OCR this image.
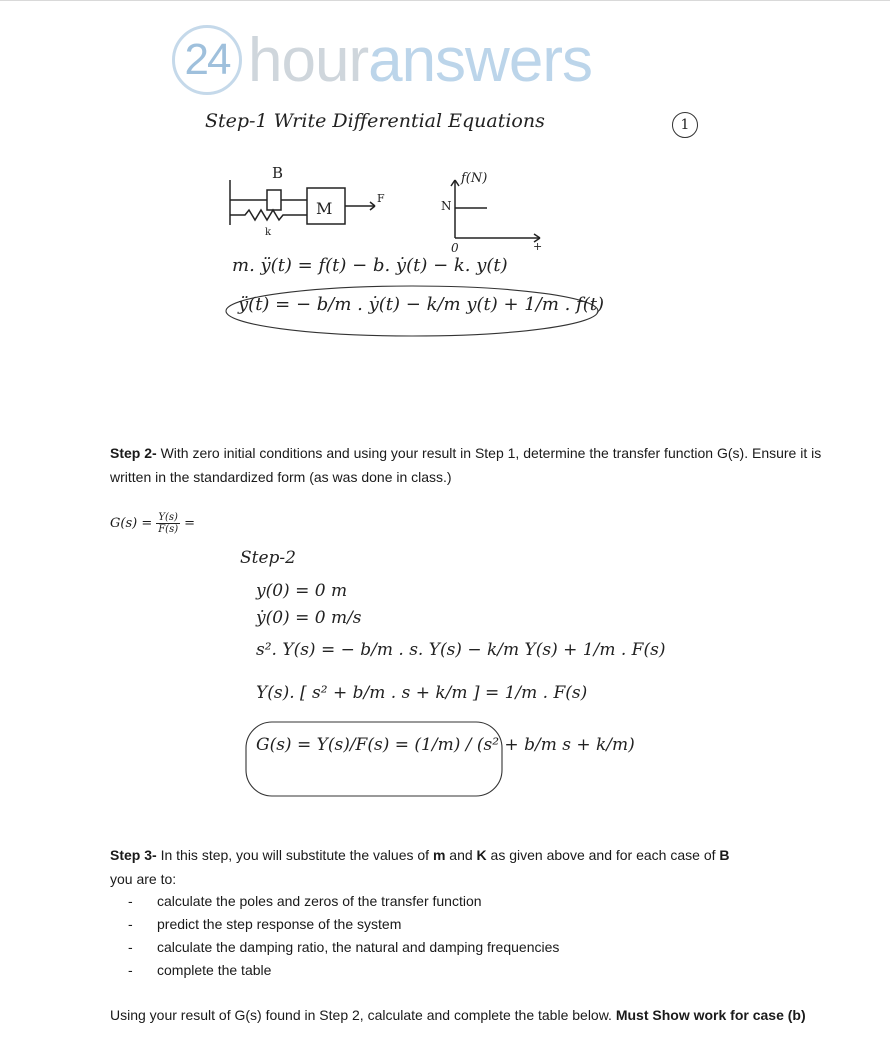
24 hour answers
Step-1 Write Differential Equations	1
B
M
k
F
f(N)
N
0	+
m. ÿ(t) = f(t) − b. ẏ(t) − k. y(t)
ÿ(t) = − b/m . ẏ(t) − k/m y(t) + 1/m . f(t)
Step 2- With zero initial conditions and using your result in Step 1, determine the transfer function G(s). Ensure it is written in the standardized form (as was done in class.)
$G(s) = \frac{Y(s)}{F(s)}$ =
Step-2
y(0) = 0 m
ẏ(0) = 0 m/s
s². Y(s) = − b/m . s. Y(s) − k/m Y(s) + 1/m . F(s)
Y(s). [ s² + b/m . s + k/m ] = 1/m . F(s)
G(s) = Y(s)/F(s) = (1/m) / (s² + b/m s + k/m)
Step 3- In this step, you will substitute the values of m and K as given above and for each case of B
you are to:
-	calculate the poles and zeros of the transfer function
-	predict the step response of the system
-	calculate the damping ratio, the natural and damping frequencies
-	complete the table
Using your result of G(s) found in Step 2, calculate and complete the table below. Must Show work for case (b)
